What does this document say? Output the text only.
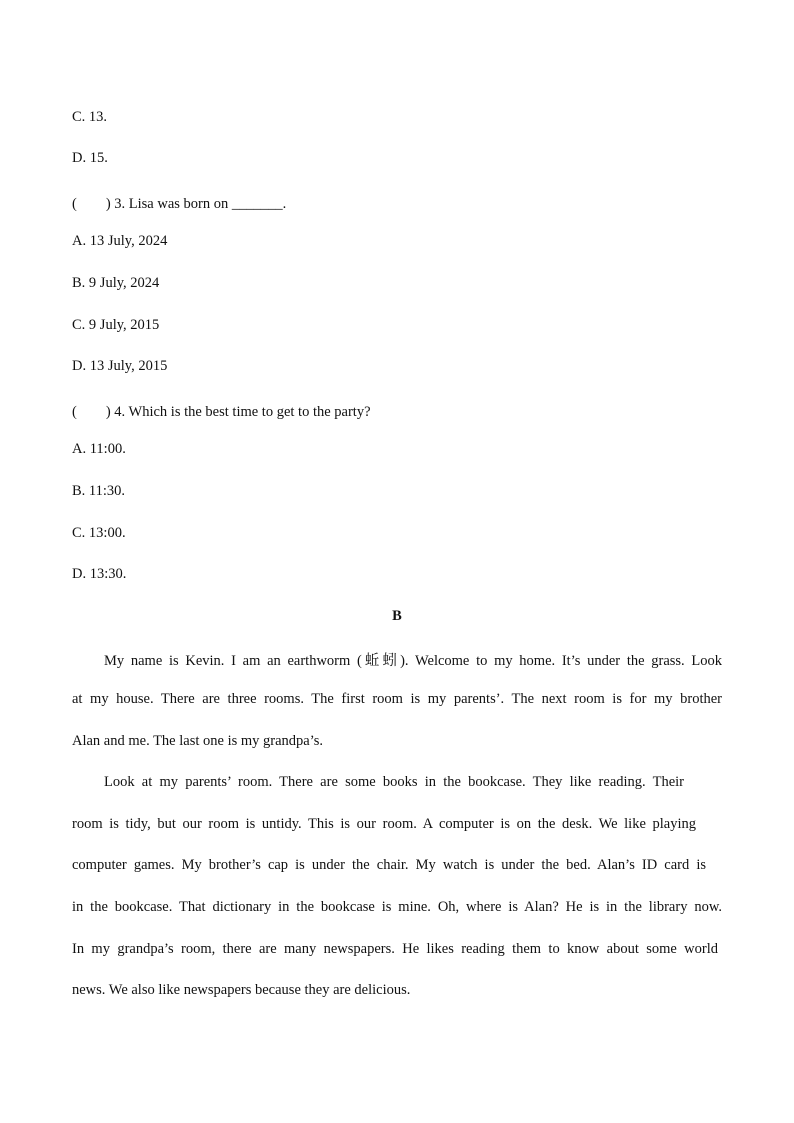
C. 13.
D. 15.
(　　) 3. Lisa was born on _______.
A. 13 July, 2024
B. 9 July, 2024
C. 9 July, 2015
D. 13 July, 2015
(　　) 4. Which is the best time to get to the party?
A. 11:00.
B. 11:30.
C. 13:00.
D. 13:30.
B
My name is Kevin. I am an earthworm (蚯蚓). Welcome to my home. It’s under the grass. Look
at my house. There are three rooms. The first room is my parents’. The next room is for my brother
Alan and me. The last one is my grandpa’s.
Look at my parents’ room. There are some books in the bookcase. They like reading. Their
room is tidy, but our room is untidy. This is our room. A computer is on the desk. We like playing
computer games. My brother’s cap is under the chair. My watch is under the bed. Alan’s ID card is
in the bookcase. That dictionary in the bookcase is mine. Oh, where is Alan? He is in the library now.
In my grandpa’s room, there are many newspapers. He likes reading them to know about some world
news. We also like newspapers because they are delicious.
